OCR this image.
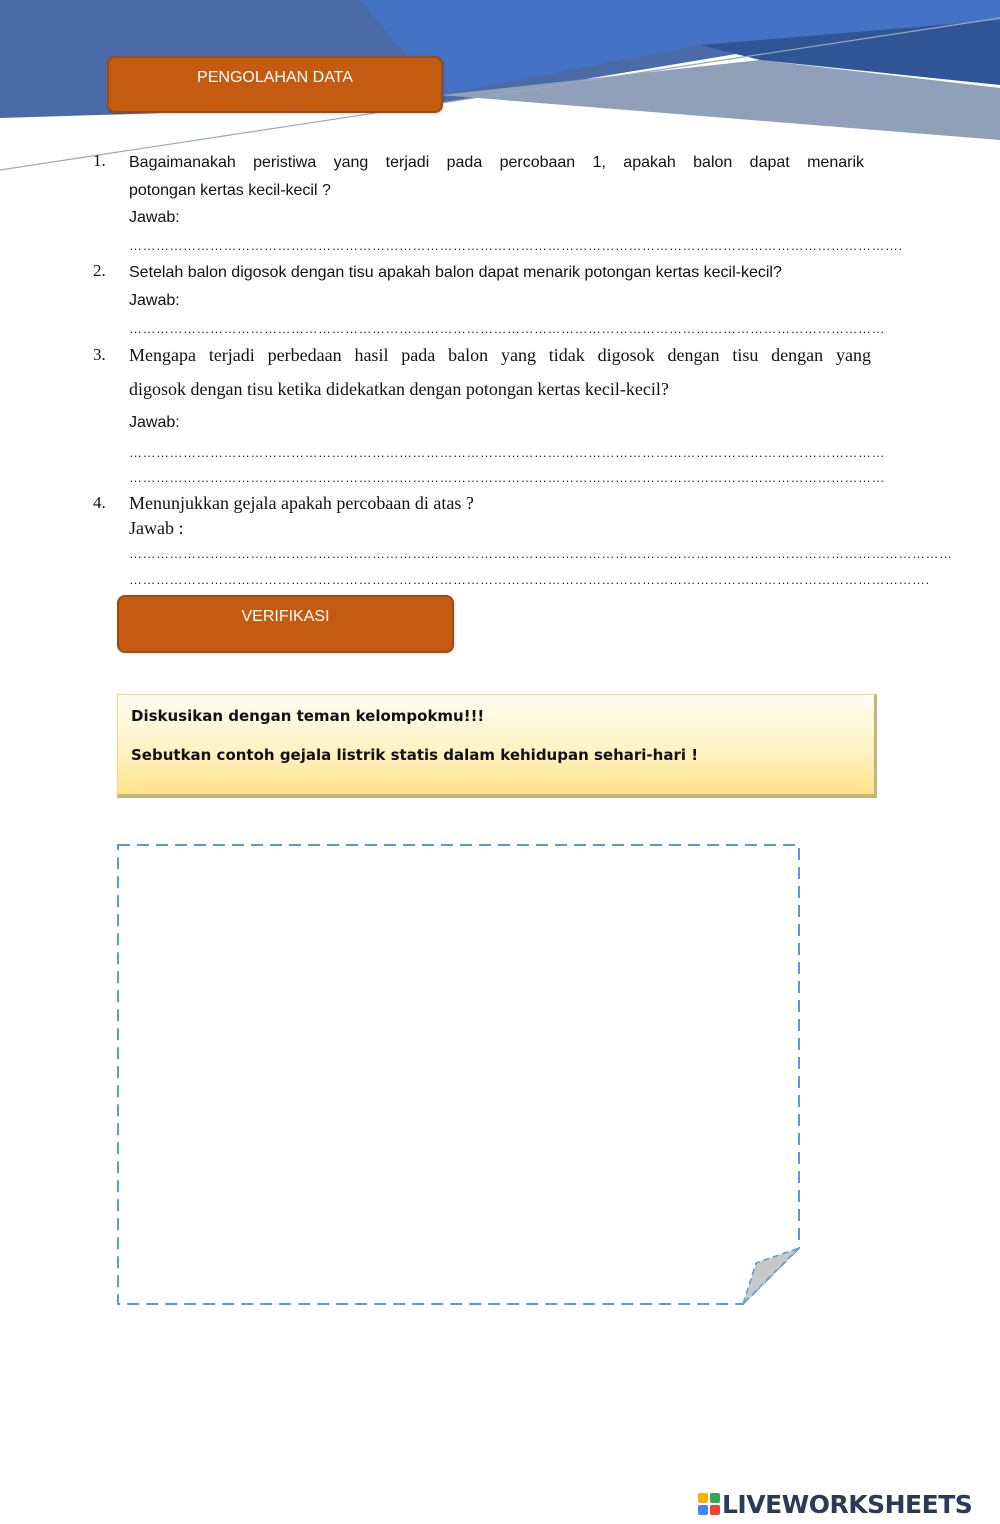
PENGOLAHAN DATA
1. Bagaimanakah peristiwa yang terjadi pada percobaan 1, apakah balon dapat menarik
potongan kertas kecil-kecil ?
Jawab:
……………………………………………………………………………………………………………………………………………………….
2. Setelah balon digosok dengan tisu apakah balon dapat menarik potongan kertas kecil-kecil?
Jawab:
……………………………………………………………………………………………………………………………………………………
3. Mengapa terjadi perbedaan hasil pada balon yang tidak digosok dengan tisu dengan yang
digosok dengan tisu ketika didekatkan dengan potongan kertas kecil-kecil?
Jawab:
……………………………………………………………………………………………………………………………………………………
……………………………………………………………………………………………………………………………………………………
4. Menunjukkan gejala apakah percobaan di atas ?
Jawab :
…………………………………………………………………………………………………………………………………………………………………
…………………………………………………………………………………………………………………………………………………………….
VERIFIKASI
Diskusikan dengan teman kelompokmu!!!
Sebutkan contoh gejala listrik statis dalam kehidupan sehari-hari !
LIVEWORKSHEETS
